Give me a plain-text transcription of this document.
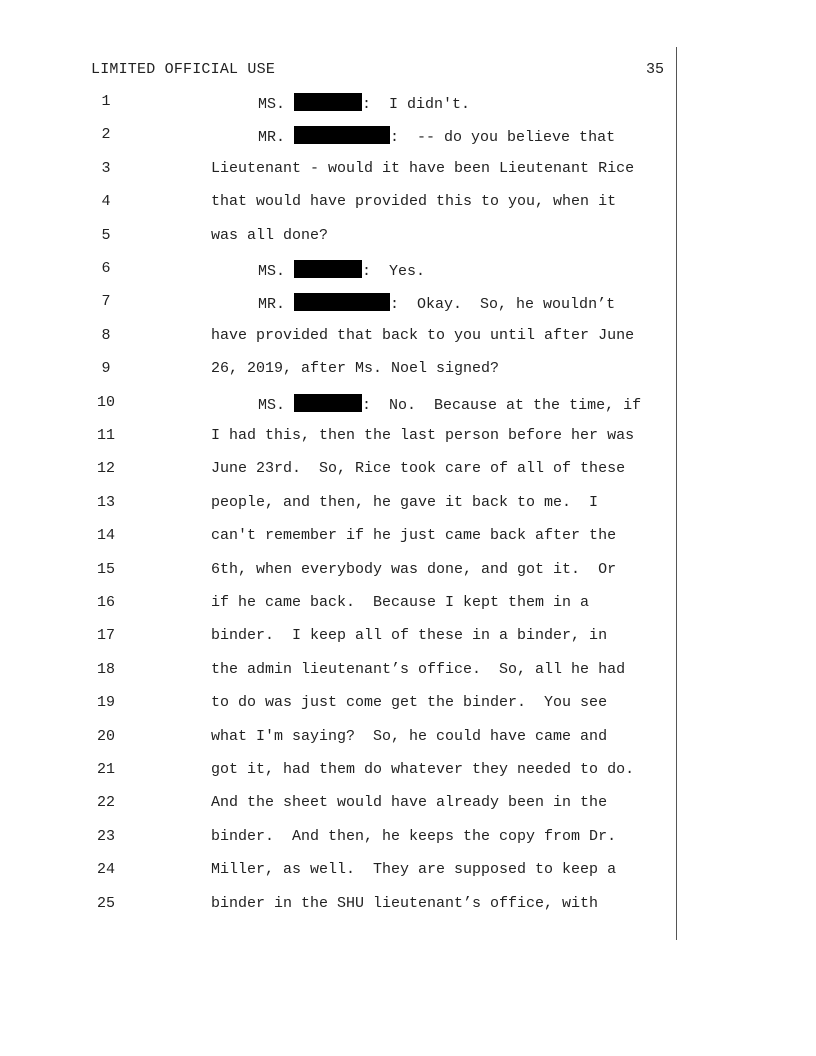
LIMITED OFFICIAL USE	35
1	MS.	:  I didn't.
2	MR.	:  -- do you believe that
3	Lieutenant - would it have been Lieutenant Rice
4	that would have provided this to you, when it
5	was all done?
6	MS.	:  Yes.
7	MR.	:  Okay.  So, he wouldn’t
8	have provided that back to you until after June
9	26, 2019, after Ms. Noel signed?
10	MS.	:  No.  Because at the time, if
11	I had this, then the last person before her was
12	June 23rd.  So, Rice took care of all of these
13	people, and then, he gave it back to me.  I
14	can't remember if he just came back after the
15	6th, when everybody was done, and got it.  Or
16	if he came back.  Because I kept them in a
17	binder.  I keep all of these in a binder, in
18	the admin lieutenant’s office.  So, all he had
19	to do was just come get the binder.  You see
20	what I'm saying?  So, he could have came and
21	got it, had them do whatever they needed to do.
22	And the sheet would have already been in the
23	binder.  And then, he keeps the copy from Dr.
24	Miller, as well.  They are supposed to keep a
25	binder in the SHU lieutenant’s office, with
